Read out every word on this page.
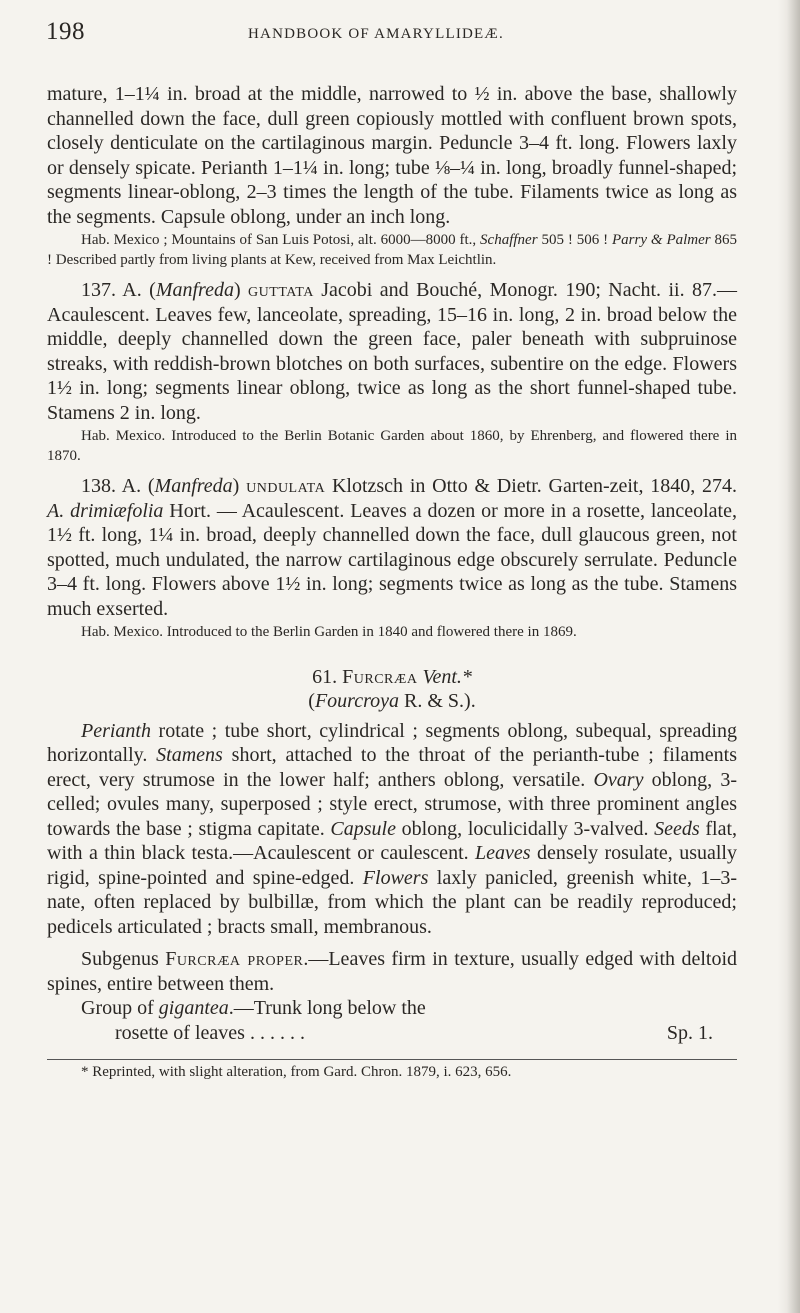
198	HANDBOOK OF AMARYLLIDEÆ.

mature, 1–1¼ in. broad at the middle, narrowed to ½ in. above the base, shallowly channelled down the face, dull green copiously mottled with confluent brown spots, closely denticulate on the cartilaginous margin. Peduncle 3–4 ft. long. Flowers laxly or densely spicate. Perianth 1–1¼ in. long; tube ⅛–¼ in. long, broadly funnel-shaped; segments linear-oblong, 2–3 times the length of the tube. Filaments twice as long as the segments. Capsule oblong, under an inch long.

Hab. Mexico ; Mountains of San Luis Potosi, alt. 6000—8000 ft., Schaffner 505 ! 506 ! Parry & Palmer 865 ! Described partly from living plants at Kew, received from Max Leichtlin.

137. A. (Manfreda) guttata Jacobi and Bouché, Monogr. 190; Nacht. ii. 87.—Acaulescent. Leaves few, lanceolate, spreading, 15–16 in. long, 2 in. broad below the middle, deeply channelled down the green face, paler beneath with subpruinose streaks, with reddish-brown blotches on both surfaces, subentire on the edge. Flowers 1½ in. long; segments linear oblong, twice as long as the short funnel-shaped tube. Stamens 2 in. long.

Hab. Mexico. Introduced to the Berlin Botanic Garden about 1860, by Ehrenberg, and flowered there in 1870.

138. A. (Manfreda) undulata Klotzsch in Otto & Dietr. Garten-zeit, 1840, 274. A. drimiæfolia Hort. — Acaulescent. Leaves a dozen or more in a rosette, lanceolate, 1½ ft. long, 1¼ in. broad, deeply channelled down the face, dull glaucous green, not spotted, much undulated, the narrow cartilaginous edge obscurely serrulate. Peduncle 3–4 ft. long. Flowers above 1½ in. long; segments twice as long as the tube. Stamens much exserted.

Hab. Mexico. Introduced to the Berlin Garden in 1840 and flowered there in 1869.

61. Furcræa Vent.*
(Fourcroya R. & S.).

Perianth rotate ; tube short, cylindrical ; segments oblong, subequal, spreading horizontally. Stamens short, attached to the throat of the perianth-tube ; filaments erect, very strumose in the lower half; anthers oblong, versatile. Ovary oblong, 3-celled; ovules many, superposed ; style erect, strumose, with three prominent angles towards the base ; stigma capitate. Capsule oblong, loculicidally 3-valved. Seeds flat, with a thin black testa.—Acaulescent or caulescent. Leaves densely rosulate, usually rigid, spine-pointed and spine-edged. Flowers laxly panicled, greenish white, 1–3-nate, often replaced by bulbillæ, from which the plant can be readily reproduced; pedicels articulated ; bracts small, membranous.

Subgenus Furcræa proper.—Leaves firm in texture, usually edged with deltoid spines, entire between them.

Group of gigantea.—Trunk long below the
rosette of leaves . . . . . .	Sp. 1.

* Reprinted, with slight alteration, from Gard. Chron. 1879, i. 623, 656.
